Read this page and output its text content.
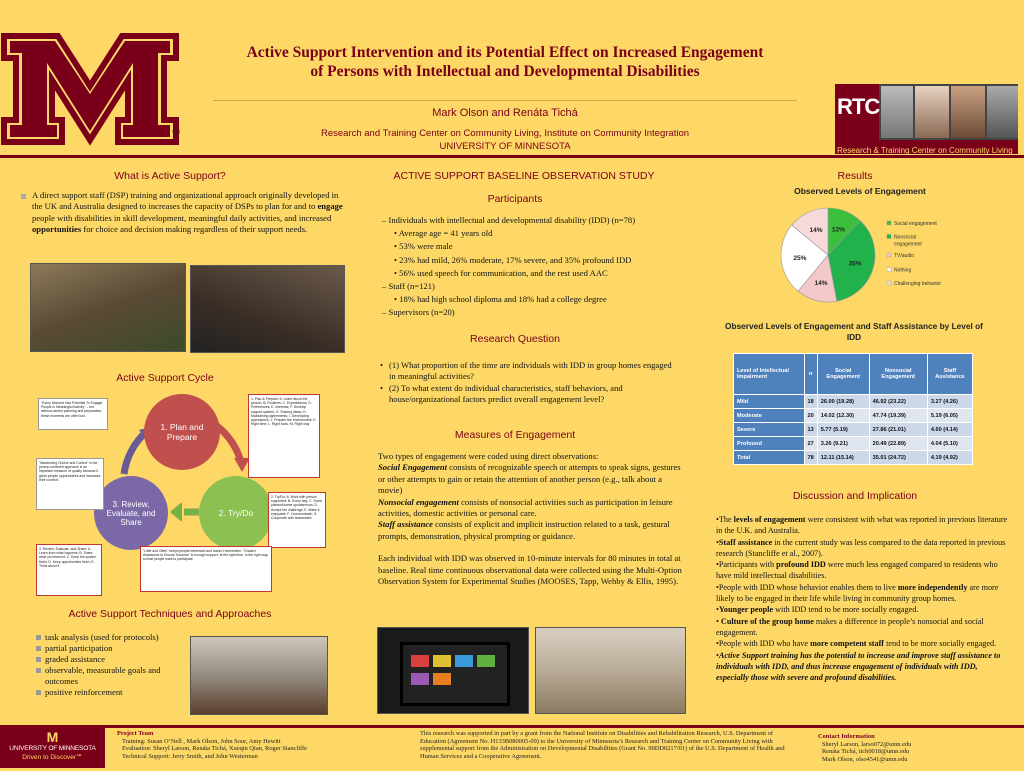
®
Active Support Intervention and its Potential Effect on Increased Engagement
of Persons with Intellectual and Developmental Disabilities
Mark Olson and Renáta Tichá
Research and Training Center on Community Living, Institute on Community Integration
UNIVERSITY OF MINNESOTA
RTC
Research & Training Center on Community Living
What is Active Support?
A direct support staff (DSP) training and organizational approach originally developed in the UK and Australia designed to increases the capacity of DSPs to plan for and to engage people with disabilities in skill development, meaningful daily activities, and increased opportunities for choice and decision making regardless of their support needs.
Active Support Cycle
1. Plan and Prepare
2. Try/Do
3. Review, Evaluate, and Share
"Every Moment Has Potential To Engage People in Meaningful Activity" – but without careful planning and preparation, these moments are often lost.
"Maximizing Choice and Control" is the person-centered approach is an important measure of quality because it gives people opportunities and increases their comfort.
1. Plan & Prepare: A. Learn about the person; B. Routines; C. Expectations; D. Preferences; E. Interests; F. Develop support system; G. Sharing ideas; H. Maintaining agreements; I. Developing approaches; J. Prepare the environment; K. Right time; L. Right tools; M. Right way
2. Try/Do: A. Work with person supported; B. Every day; C. Some planned/some spontaneous; D. Accept the challenge; E. Make it enjoyable; F. Communicate; G. Cooperate with teammates
3. Review, Evaluate, and Share: A. Learn from what happens; B. Share what you learned; C. Keep the system fresh; D. Keep opportunities fresh; E. Think about it
"Little and Often" keeps people interested and doesn't overwhelm. "Graded Assistance to Ensure Success" is enough support, at the right time, in the right way, so that people want to participate.
Active Support Techniques and Approaches
task analysis (used for protocols)
partial participation
graded assistance
observable, measurable goals and outcomes
positive reinforcement
ACTIVE SUPPORT BASELINE OBSERVATION STUDY
Participants
– Individuals with intellectual and developmental disability (IDD) (n=78)
• Average age = 41 years old
• 53% were male
• 23% had mild, 26% moderate, 17% severe, and 35% profound IDD
• 56% used speech for communication, and the rest used AAC
– Staff (n=121)
• 18% had high school diploma and 18% had a college degree
– Supervisors (n=20)
Research Question
• (1) What proportion of the time are individuals with IDD in group homes engaged in meaningful activities?
• (2) To what extent do individual characteristics, staff behaviors, and house/organizational factors predict overall engagement level?
Measures of Engagement
Two types of engagement were coded using direct observations:
Social Engagement consists of recognizable speech or attempts to speak signs, gestures or other attempts to gain or retain the attention of another person (e.g., talk about a movie)
Nonsocial engagement consists of nonsocial activities such as participation in leisure activities, domestic activities or personal care.
Staff assistance consists of explicit and implicit instruction related to a task, gestural prompts, demonstration, physical prompting or guidance.
Each individual with IDD was observed in 10-minute intervals for 80 minutes in total at baseline. Real time continuous observational data were collected using the Multi-Option Observation System for Experimental Studies (MOOSES, Tapp, Wehby & Ellis, 1995).
Results
Observed Levels of Engagement
12%
35%
14%
25%
14%
Social engagement
Nonsocial
engagement
TV/audio
Nothing
Challenging behavior
Observed Levels of Engagement and Staff Assistance by Level of IDD
Level of Intellectual Impairment	n	Social Engagement	Nonsocial Engagement	Staff Assistance
Mild	18	26.00 (19.28)	46.92 (23.22)	3.27 (4.26)
Moderate	20	14.02 (12.30)	47.74 (19.39)	5.19 (6.05)
Severe	13	5.77 (5.19)	27.86 (21.01)	4.60 (4.14)
Profound	27	3.26 (9.21)	20.49 (22.89)	4.04 (5.10)
Total	78	12.11 (15.14)	35.01 (24.72)	4.19 (4.92)
Discussion and Implication
•The levels of engagement were consistent with what was reported in previous literature in the U.K. and Australia.
•Staff assistance in the current study was less compared to the data reported in previous research (Stancliffe et al., 2007).
•Participants with profound IDD were much less engaged compared to residents who have mild intellectual disabilities.
•People with IDD whose behavior enables them to live more independently are more likely to be engaged in their life while living in community group homes.
•Younger people with IDD tend to be more socially engaged.
• Culture of the group home makes a difference in people’s nonsocial and social engagement.
•People with IDD who have more competent staff tend to be more socially engaged.
•Active Support training has the potential to increase and improve staff assistance to individuals with IDD, and thus increase engagement of individuals with IDD, especially those with severe and profound disabilities.
M
UNIVERSITY OF MINNESOTA
Driven to Discover℠
Project Team
Training: Susan O’Nell , Mark Olson, John Sour, Amy Hewitt
Evaluation: Sheryl Larson, Renáta Tichá, Xueqin Qian, Roger Stancliffe
Technical Support: Jerry Smith, and John Westerman
This research was supported in part by a grant from the National Institute on Disabilities and Rehabilitation Research, U.S. Department of Education (Agreement No. H133B080005-09) to the University of Minnesota’s Research and Training Center on Community Living with supplemental support from the Administration on Developmental Disabilities (Grant No. 90DD0217/01) of the U.S. Department of Health and Human Services and a Cooperative Agreement.
Contact Information
Sheryl Larson, larso072@umn.edu
Renáta Tichá, tich0018@umn.edu
Mark Olson, olso4541@umn.edu
